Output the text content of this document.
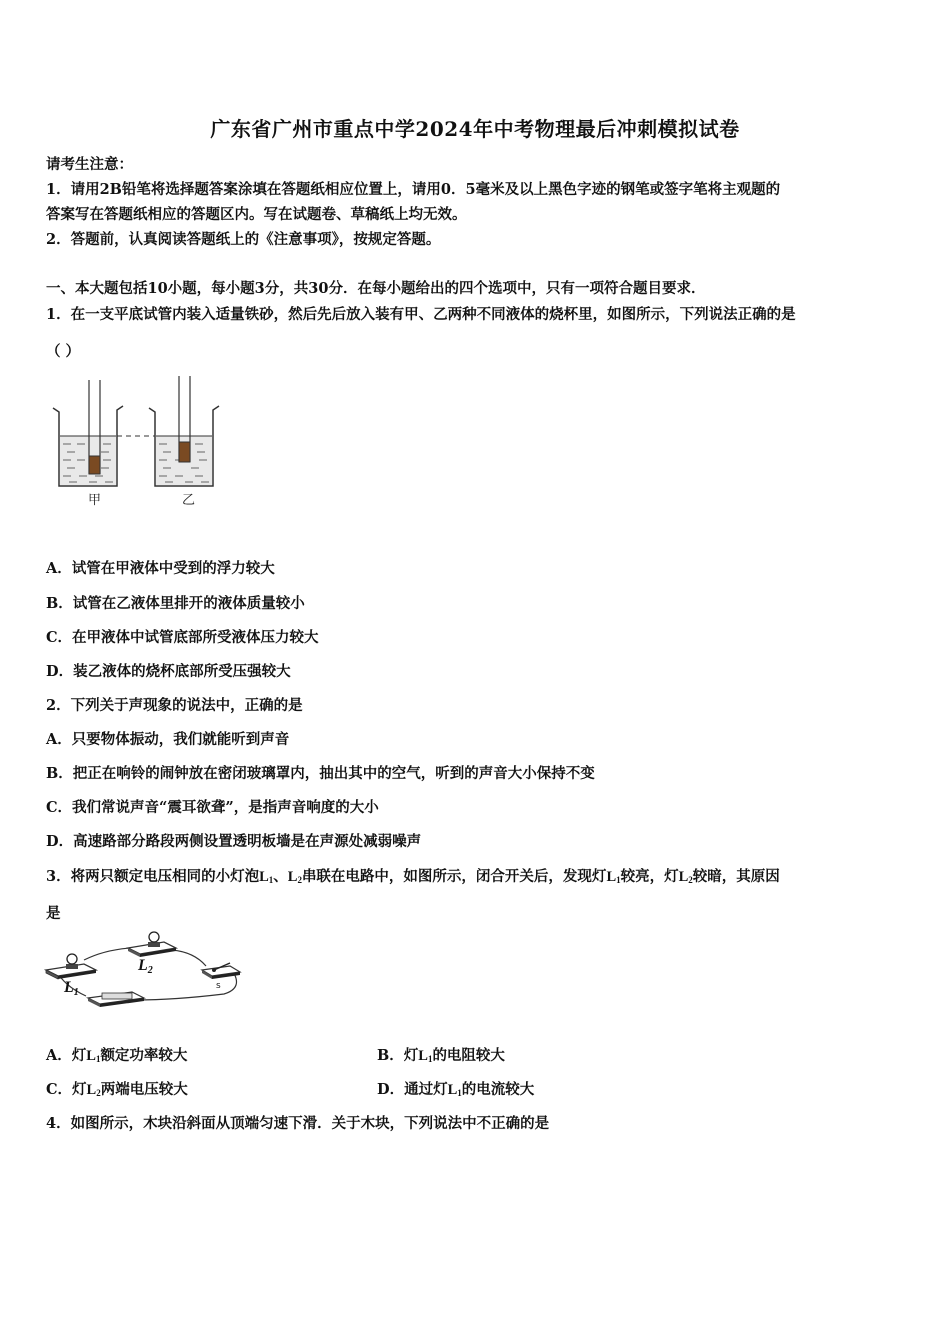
广东省广州市重点中学2024年中考物理最后冲刺模拟试卷
请考生注意：
1．请用2B铅笔将选择题答案涂填在答题纸相应位置上，请用0．5毫米及以上黑色字迹的钢笔或签字笔将主观题的
答案写在答题纸相应的答题区内。写在试题卷、草稿纸上均无效。
2．答题前，认真阅读答题纸上的《注意事项》，按规定答题。
一、本大题包括10小题，每小题3分，共30分．在每小题给出的四个选项中，只有一项符合题目要求．
1．在一支平底试管内装入适量铁砂，然后先后放入装有甲、乙两种不同液体的烧杯里，如图所示，下列说法正确的是
（ ）
甲	乙
A．试管在甲液体中受到的浮力较大
B．试管在乙液体里排开的液体质量较小
C．在甲液体中试管底部所受液体压力较大
D．装乙液体的烧杯底部所受压强较大
2．下列关于声现象的说法中，正确的是
A．只要物体振动，我们就能听到声音
B．把正在响铃的闹钟放在密闭玻璃罩内，抽出其中的空气，听到的声音大小保持不变
C．我们常说声音“震耳欲聋”，是指声音响度的大小
D．高速路部分路段两侧设置透明板墙是在声源处减弱噪声
3．将两只额定电压相同的小灯泡$L_1$、$L_2$串联在电路中，如图所示，闭合开关后，发现灯$L_1$较亮，灯$L_2$较暗，其原因
是
L1
L2
s
A．灯$L_1$额定功率较大	B．灯$L_1$的电阻较大
C．灯$L_2$两端电压较大	D．通过灯$L_1$的电流较大
4．如图所示，木块沿斜面从顶端匀速下滑．关于木块，下列说法中不正确的是
